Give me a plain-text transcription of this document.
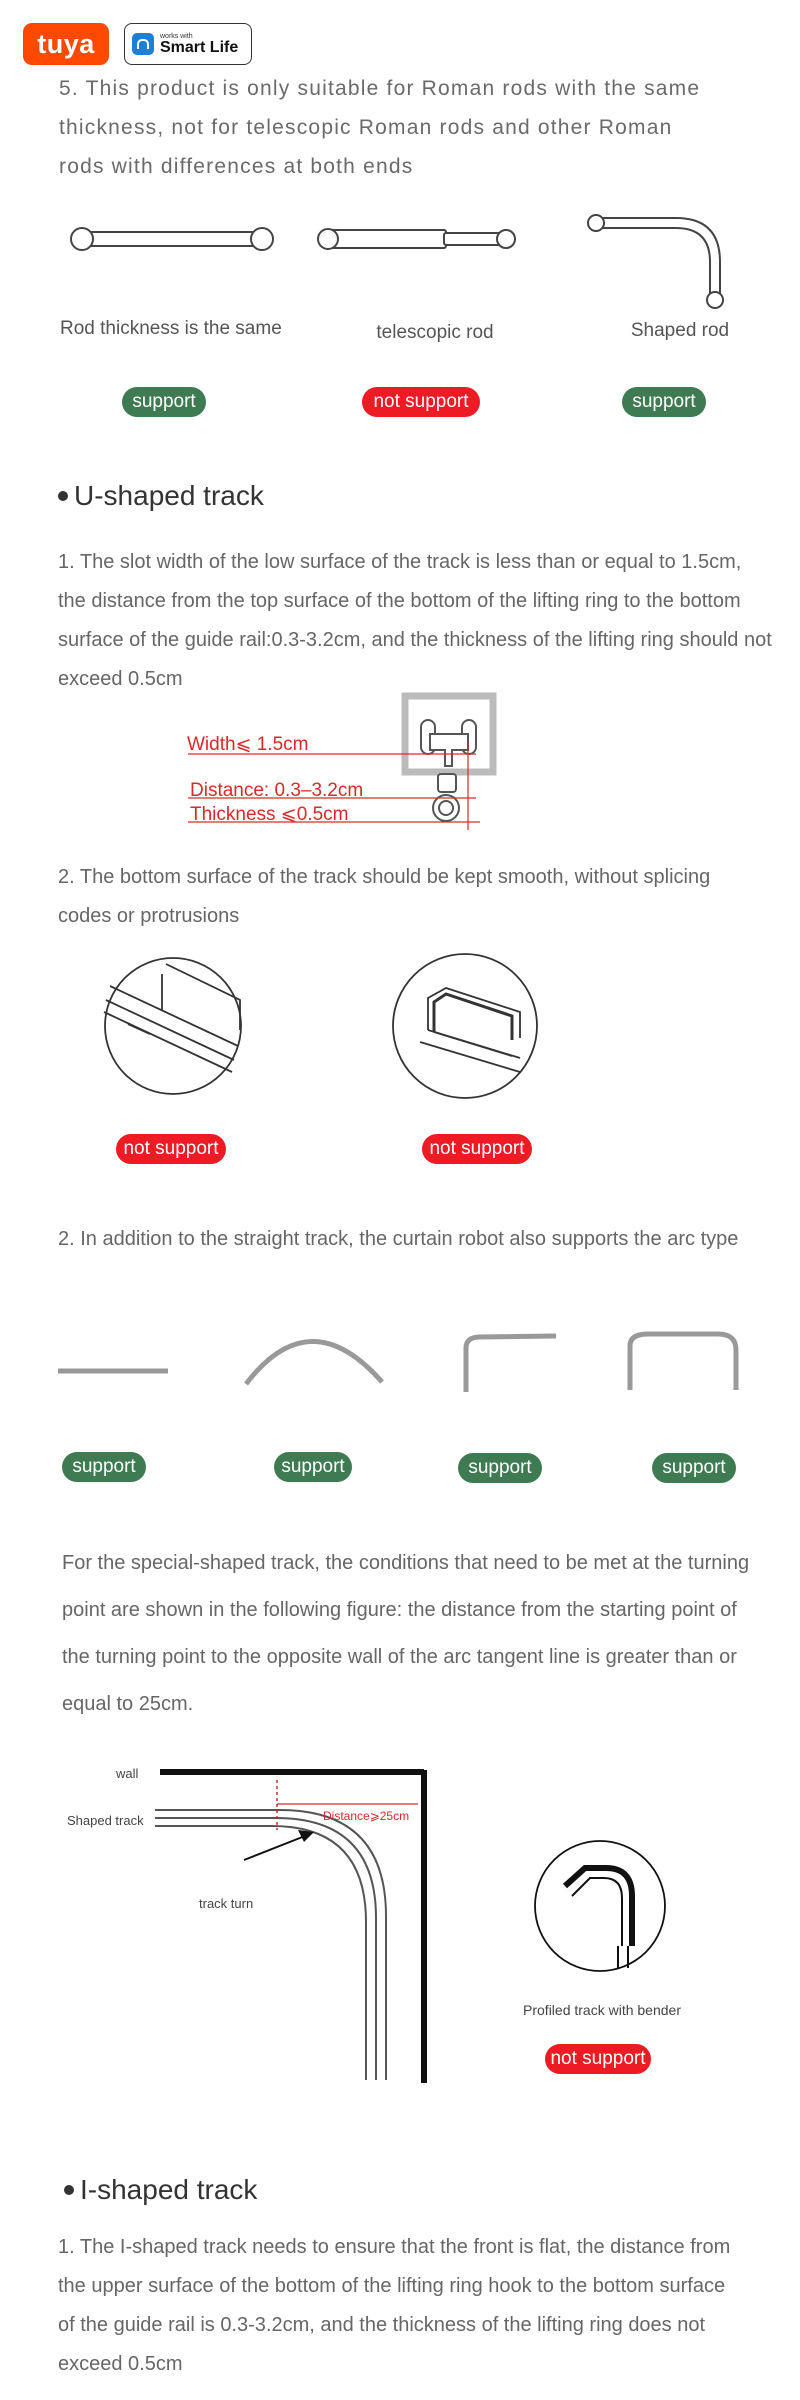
tuya	works with
Smart Life
5. This product is only suitable for Roman rods with the same
thickness, not for telescopic Roman rods and other Roman
rods with differences at both ends
Rod thickness is the same	telescopic rod	Shaped rod
support	not support	support
U-shaped track
1. The slot width of the low surface of the track is less than or equal to 1.5cm,
the distance from the top surface of the bottom of the lifting ring to the bottom
surface of the guide rail:0.3-3.2cm, and the thickness of the lifting ring should not
exceed 0.5cm
Width⩽ 1.5cm
Distance: 0.3–3.2cm
Thickness ⩽0.5cm
2. The bottom surface of the track should be kept smooth, without splicing
codes or protrusions
not support	not support
2. In addition to the straight track, the curtain robot also supports the arc type
support	support	support	support
For the special-shaped track, the conditions that need to be met at the turning
point are shown in the following figure: the distance from the starting point of
the turning point to the opposite wall of the arc tangent line is greater than or
equal to 25cm.
wall
Shaped track	Distance⩾25cm
track turn
Profiled track with bender
not support
I-shaped track
1. The I-shaped track needs to ensure that the front is flat, the distance from
the upper surface of the bottom of the lifting ring hook to the bottom surface
of the guide rail is 0.3-3.2cm, and the thickness of the lifting ring does not
exceed 0.5cm
